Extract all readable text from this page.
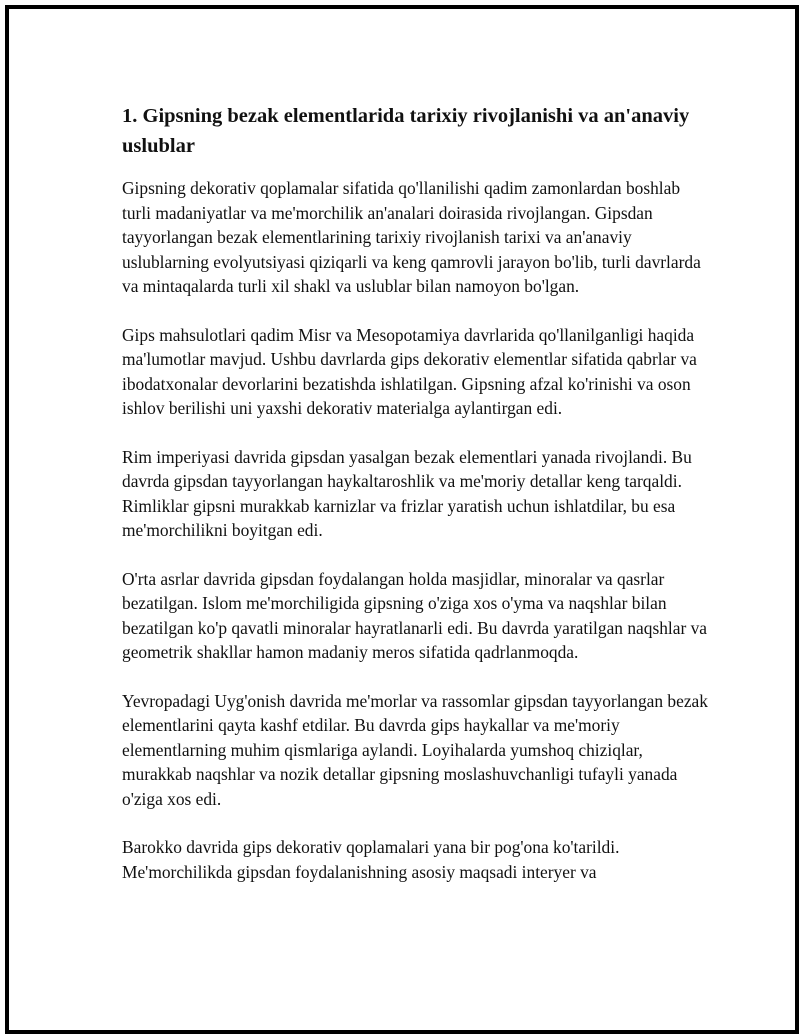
1. Gipsning bezak elementlarida tarixiy rivojlanishi va an'anaviy uslublar

Gipsning dekorativ qoplamalar sifatida qo'llanilishi qadim zamonlardan boshlab turli madaniyatlar va me'morchilik an'analari doirasida rivojlangan. Gipsdan tayyorlangan bezak elementlarining tarixiy rivojlanish tarixi va an'anaviy uslublarning evolyutsiyasi qiziqarli va keng qamrovli jarayon bo'lib, turli davrlarda va mintaqalarda turli xil shakl va uslublar bilan namoyon bo'lgan.

Gips mahsulotlari qadim Misr va Mesopotamiya davrlarida qo'llanilganligi haqida ma'lumotlar mavjud. Ushbu davrlarda gips dekorativ elementlar sifatida qabrlar va ibodatxonalar devorlarini bezatishda ishlatilgan. Gipsning afzal ko'rinishi va oson ishlov berilishi uni yaxshi dekorativ materialga aylantirgan edi.

Rim imperiyasi davrida gipsdan yasalgan bezak elementlari yanada rivojlandi. Bu davrda gipsdan tayyorlangan haykaltaroshlik va me'moriy detallar keng tarqaldi. Rimliklar gipsni murakkab karnizlar va frizlar yaratish uchun ishlatdilar, bu esa me'morchilikni boyitgan edi.

O'rta asrlar davrida gipsdan foydalangan holda masjidlar, minoralar va qasrlar bezatilgan. Islom me'morchiligida gipsning o'ziga xos o'yma va naqshlar bilan bezatilgan ko'p qavatli minoralar hayratlanarli edi. Bu davrda yaratilgan naqshlar va geometrik shakllar hamon madaniy meros sifatida qadrlanmoqda.

Yevropadagi Uyg'onish davrida me'morlar va rassomlar gipsdan tayyorlangan bezak elementlarini qayta kashf etdilar. Bu davrda gips haykallar va me'moriy elementlarning muhim qismlariga aylandi. Loyihalarda yumshoq chiziqlar, murakkab naqshlar va nozik detallar gipsning moslashuvchanligi tufayli yanada o'ziga xos edi.

Barokko davrida gips dekorativ qoplamalari yana bir pog'ona ko'tarildi. Me'morchilikda gipsdan foydalanishning asosiy maqsadi interyer va
